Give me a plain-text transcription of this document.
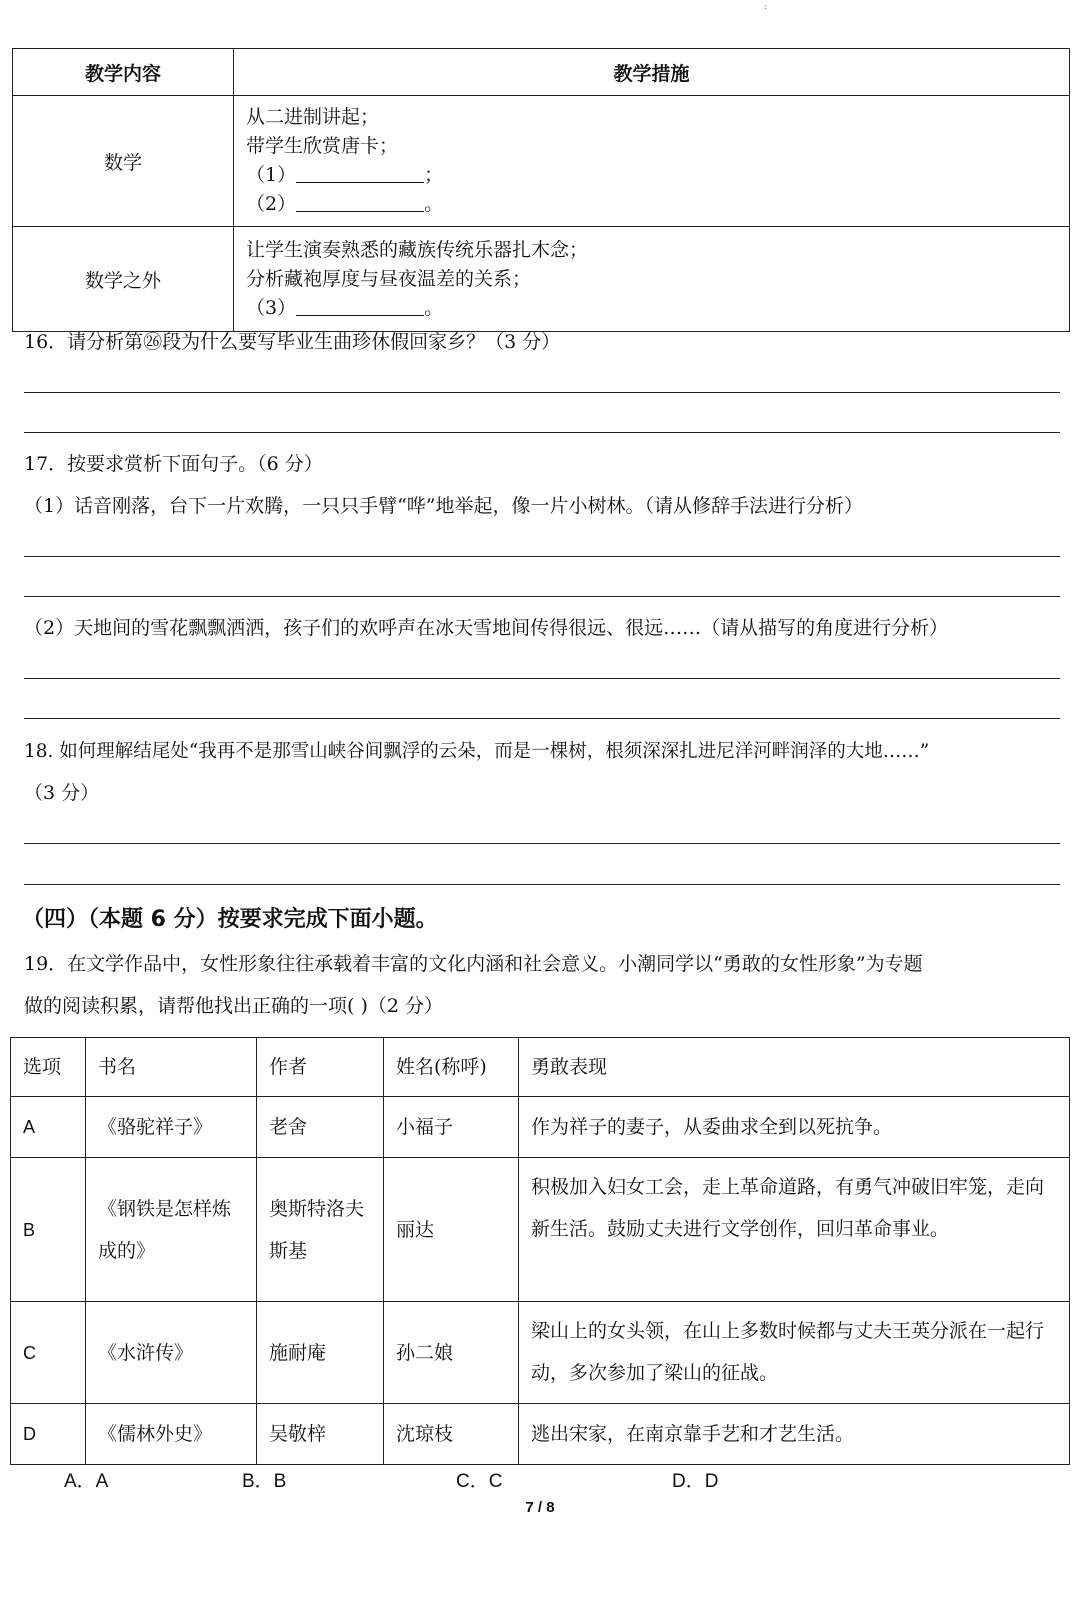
:
教学内容	教学措施
数学	从二进制讲起；
带学生欣赏唐卡；
（1） ；
（2） 。

数学之外	让学生演奏熟悉的藏族传统乐器扎木念；
分析藏袍厚度与昼夜温差的关系；
（3） 。
16．请分析第㉖段为什么要写毕业生曲珍休假回家乡？（3 分）
17．按要求赏析下面句子。（6 分）
（1）话音刚落，台下一片欢腾，一只只手臂“哗”地举起，像一片小树林。（请从修辞手法进行分析）
（2）天地间的雪花飘飘洒洒，孩子们的欢呼声在冰天雪地间传得很远、很远……（请从描写的角度进行分析）
18. 如何理解结尾处“我再不是那雪山峡谷间飘浮的云朵，而是一棵树，根须深深扎进尼洋河畔润泽的大地……”
（3 分）
（四）（本题 6 分）按要求完成下面小题。
19．在文学作品中，女性形象往往承载着丰富的文化内涵和社会意义。小潮同学以“勇敢的女性形象”为专题
做的阅读积累，请帮他找出正确的一项( )（2 分）
选项	书名	作者	姓名(称呼)	勇敢表现
A	《骆驼祥子》	老舍	小福子	作为祥子的妻子，从委曲求全到以死抗争。
B	《钢铁是怎样炼成的》	奥斯特洛夫斯基	丽达	积极加入妇女工会，走上革命道路，有勇气冲破旧牢笼，走向新生活。鼓励丈夫进行文学创作，回归革命事业。
C	《水浒传》	施耐庵	孙二娘	梁山上的女头领，在山上多数时候都与丈夫王英分派在一起行动，多次参加了梁山的征战。
D	《儒林外史》	吴敬梓	沈琼枝	逃出宋家，在南京靠手艺和才艺生活。
A．A	B．B	C．C	D．D
7 / 8
